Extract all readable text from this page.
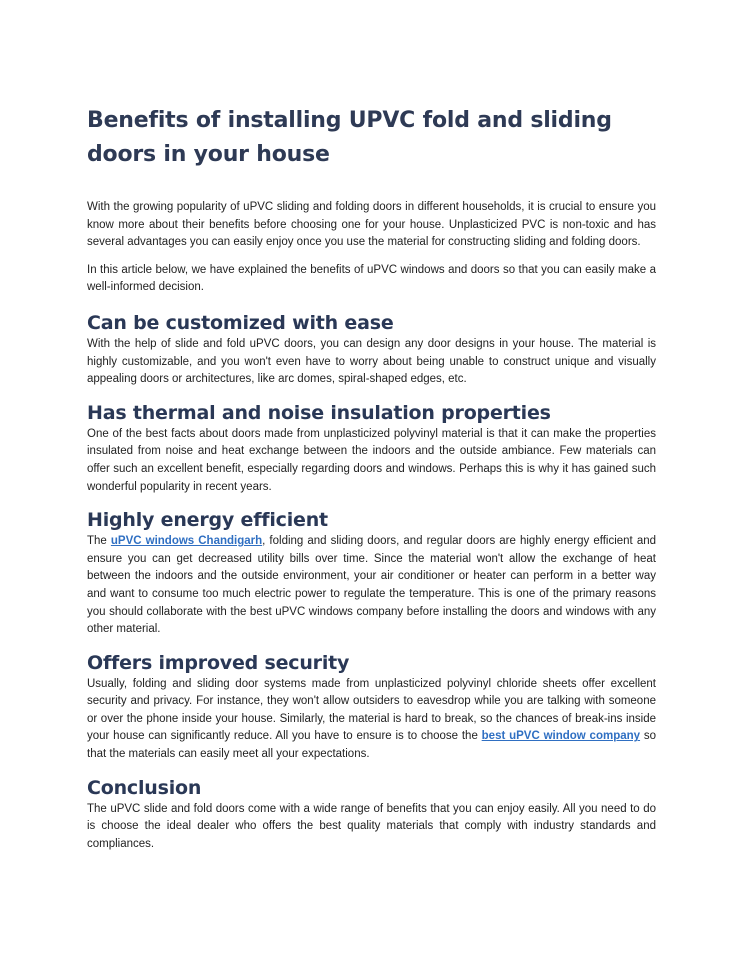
Benefits of installing UPVC fold and sliding doors in your house

With the growing popularity of uPVC sliding and folding doors in different households, it is crucial to ensure you know more about their benefits before choosing one for your house. Unplasticized PVC is non-toxic and has several advantages you can easily enjoy once you use the material for constructing sliding and folding doors.

In this article below, we have explained the benefits of uPVC windows and doors so that you can easily make a well-informed decision.

Can be customized with ease

With the help of slide and fold uPVC doors, you can design any door designs in your house. The material is highly customizable, and you won't even have to worry about being unable to construct unique and visually appealing doors or architectures, like arc domes, spiral-shaped edges, etc.

Has thermal and noise insulation properties

One of the best facts about doors made from unplasticized polyvinyl material is that it can make the properties insulated from noise and heat exchange between the indoors and the outside ambiance. Few materials can offer such an excellent benefit, especially regarding doors and windows. Perhaps this is why it has gained such wonderful popularity in recent years.

Highly energy efficient

The uPVC windows Chandigarh, folding and sliding doors, and regular doors are highly energy efficient and ensure you can get decreased utility bills over time. Since the material won't allow the exchange of heat between the indoors and the outside environment, your air conditioner or heater can perform in a better way and want to consume too much electric power to regulate the temperature. This is one of the primary reasons you should collaborate with the best uPVC windows company before installing the doors and windows with any other material.

Offers improved security

Usually, folding and sliding door systems made from unplasticized polyvinyl chloride sheets offer excellent security and privacy. For instance, they won't allow outsiders to eavesdrop while you are talking with someone or over the phone inside your house. Similarly, the material is hard to break, so the chances of break-ins inside your house can significantly reduce. All you have to ensure is to choose the best uPVC window company so that the materials can easily meet all your expectations.

Conclusion

The uPVC slide and fold doors come with a wide range of benefits that you can enjoy easily. All you need to do is choose the ideal dealer who offers the best quality materials that comply with industry standards and compliances.
